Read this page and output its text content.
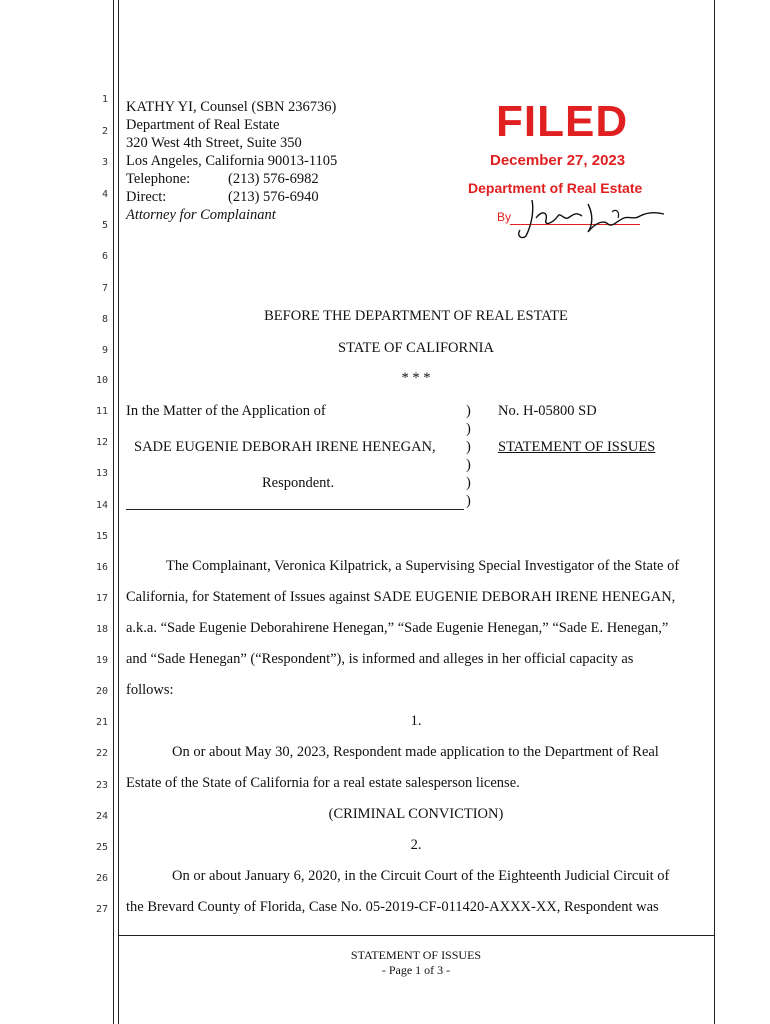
1
2
3
4
5
6
7
8
9
10
11
12
13
14
15
16
17
18
19
20
21
22
23
24
25
26
27
KATHY YI, Counsel (SBN 236736)
Department of Real Estate
320 West 4th Street, Suite 350
Los Angeles, California 90013-1105
Telephone:	(213) 576-6982
Direct:	(213) 576-6940
Attorney for Complainant
FILED
December 27, 2023
Department of Real Estate
By
BEFORE THE DEPARTMENT OF REAL ESTATE
STATE OF CALIFORNIA
* * *
In the Matter of the Application of
SADE EUGENIE DEBORAH IRENE HENEGAN,
Respondent.
)
)
)
)
)
)
No. H-05800 SD
STATEMENT OF ISSUES
The Complainant, Veronica Kilpatrick, a Supervising Special Investigator of the State of
California, for Statement of Issues against SADE EUGENIE DEBORAH IRENE HENEGAN,
a.k.a. “Sade Eugenie Deborahirene Henegan,” “Sade Eugenie Henegan,” “Sade E. Henegan,”
and “Sade Henegan” (“Respondent”), is informed and alleges in her official capacity as
follows:
1.
On or about May 30, 2023, Respondent made application to the Department of Real
Estate of the State of California for a real estate salesperson license.
(CRIMINAL CONVICTION)
2.
On or about January 6, 2020, in the Circuit Court of the Eighteenth Judicial Circuit of
the Brevard County of Florida, Case No. 05-2019-CF-011420-AXXX-XX, Respondent was
STATEMENT OF ISSUES
- Page 1 of 3 -
